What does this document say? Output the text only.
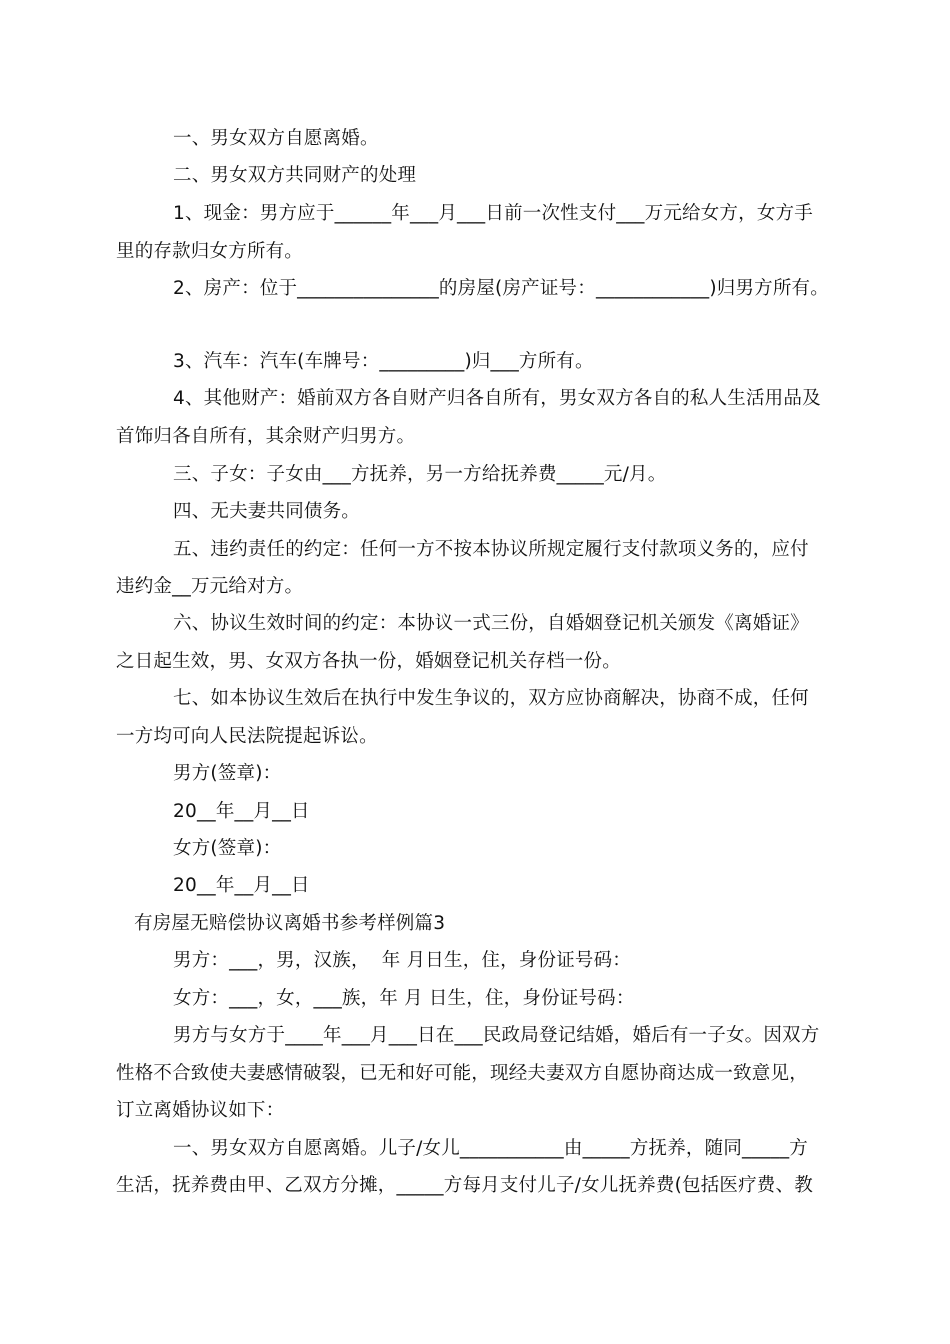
一、男女双方自愿离婚。
二、男女双方共同财产的处理
1、现金：男方应于______年___月___日前一次性支付___万元给女方，女方手
里的存款归女方所有。
2、房产：位于_______________的房屋(房产证号：____________)归男方所有。
3、汽车：汽车(车牌号：_________)归___方所有。
4、其他财产：婚前双方各自财产归各自所有，男女双方各自的私人生活用品及
首饰归各自所有，其余财产归男方。
三、子女：子女由___方抚养，另一方给抚养费_____元/月。
四、无夫妻共同债务。
五、违约责任的约定：任何一方不按本协议所规定履行支付款项义务的，应付
违约金__万元给对方。
六、协议生效时间的约定：本协议一式三份，自婚姻登记机关颁发《离婚证》
之日起生效，男、女双方各执一份，婚姻登记机关存档一份。
七、如本协议生效后在执行中发生争议的，双方应协商解决，协商不成，任何
一方均可向人民法院提起诉讼。
男方(签章)：
20__年__月__日
女方(签章)：
20__年__月__日
有房屋无赔偿协议离婚书参考样例篇3
男方：___，男，汉族，  年 月日生，住，身份证号码：
女方：___，女，___族，年 月 日生，住，身份证号码：
男方与女方于____年___月___日在___民政局登记结婚，婚后有一子女。因双方
性格不合致使夫妻感情破裂，已无和好可能，现经夫妻双方自愿协商达成一致意见，
订立离婚协议如下：
一、男女双方自愿离婚。儿子/女儿___________由_____方抚养，随同_____方
生活，抚养费由甲、乙双方分摊，_____方每月支付儿子/女儿抚养费(包括医疗费、教
